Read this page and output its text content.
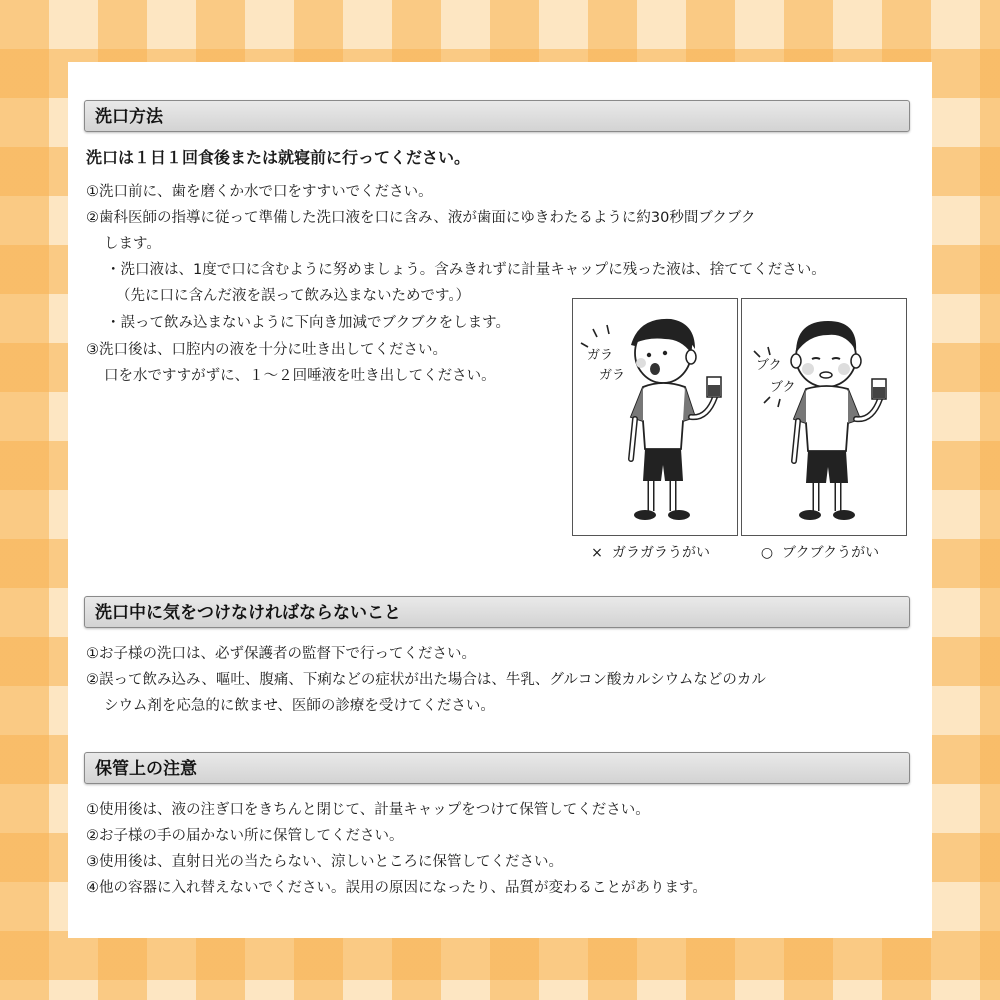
洗口方法
洗口は１日１回食後または就寝前に行ってください。
①洗口前に、歯を磨くか水で口をすすいでください。
②歯科医師の指導に従って準備した洗口液を口に含み、液が歯面にゆきわたるように約30秒間ブクブク
します。
・洗口液は、1度で口に含むように努めましょう。含みきれずに計量キャップに残った液は、捨ててください。
（先に口に含んだ液を誤って飲み込まないためです。）
・誤って飲み込まないように下向き加減でブクブクをします。
③洗口後は、口腔内の液を十分に吐き出してください。
口を水ですすがずに、１〜２回唾液を吐き出してください。
ガラ
ガラ
ブク
ブク
× ガラガラうがい	○ ブクブクうがい
洗口中に気をつけなければならないこと
①お子様の洗口は、必ず保護者の監督下で行ってください。
②誤って飲み込み、嘔吐、腹痛、下痢などの症状が出た場合は、牛乳、グルコン酸カルシウムなどのカル
シウム剤を応急的に飲ませ、医師の診療を受けてください。
保管上の注意
①使用後は、液の注ぎ口をきちんと閉じて、計量キャップをつけて保管してください。
②お子様の手の届かない所に保管してください。
③使用後は、直射日光の当たらない、涼しいところに保管してください。
④他の容器に入れ替えないでください。誤用の原因になったり、品質が変わることがあります。
